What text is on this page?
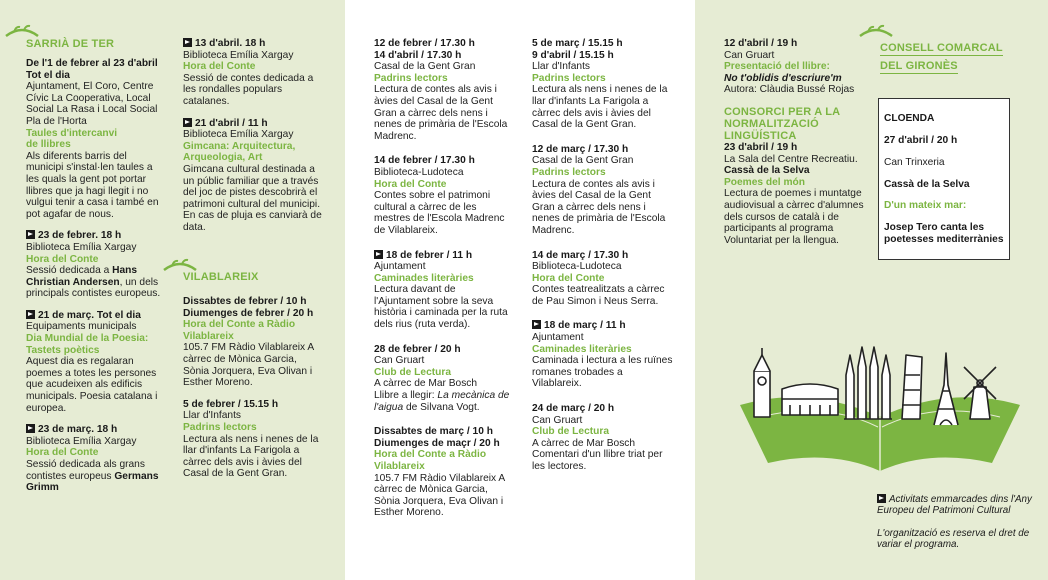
SARRIÀ DE TER

De l'1 de febrer al 23 d'abril

Tot el dia

Ajuntament, El Coro, Centre Cívic La Cooperativa, Local Social La Rasa i Local Social Pla de l'Horta

Taules d'intercanvi

de llibres

Als diferents barris del municipi s'instal·len taules a les quals la gent pot portar llibres que ja hagi llegit i no vulgui tenir a casa i també en pot agafar de nous.

23 de febrer. 18 h

Biblioteca Emília Xargay

Hora del Conte

Sessió dedicada a Hans Christian Andersen, un dels principals contistes europeus.

21 de març. Tot el dia

Equipaments municipals

Dia Mundial de la Poesia:

Tastets poètics

Aquest dia es regalaran poemes a totes les persones que acudeixen als edificis municipals. Poesia catalana i europea.

23 de març. 18 h

Biblioteca Emília Xargay

Hora del Conte

Sessió dedicada als grans contistes europeus Germans Grimm

13 d'abril. 18 h

Biblioteca Emília Xargay

Hora del Conte

Sessió de contes dedicada a les rondalles populars catalanes.

21 d'abril / 11 h

Biblioteca Emília Xargay

Gimcana: Arquitectura,

Arqueologia, Art

Gimcana cultural destinada a un públic familiar que a través del joc de pistes descobrirà el patrimoni cultural del municipi. En cas de pluja es canviarà de data.

VILABLAREIX

Dissabtes de febrer / 10 h

Diumenges de febrer / 20 h

Hora del Conte a Ràdio

Vilablareix

105.7 FM Ràdio Vilablareix A càrrec de Mònica Garcia, Sònia Jorquera, Eva Olivan i Esther Moreno.

5 de febrer / 15.15 h

Llar d'Infants

Padrins lectors

Lectura als nens i nenes de la llar d'infants La Farigola a càrrec dels avis i àvies del Casal de la Gent Gran.

12 de febrer / 17.30 h

14 d'abril / 17.30 h

Casal de la Gent Gran

Padrins lectors

Lectura de contes als avis i àvies del Casal de la Gent Gran a càrrec dels nens i nenes de primària de l'Escola Madrenc.

14 de febrer / 17.30 h

Biblioteca-Ludoteca

Hora del Conte

Contes sobre el patrimoni cultural a càrrec de les mestres de l'Escola Madrenc de Vilablareix.

18 de febrer / 11 h

Ajuntament

Caminades literàries

Lectura davant de l'Ajuntament sobre la seva història i caminada per la ruta dels rius (ruta verda).

28 de febrer / 20 h

Can Gruart

Club de Lectura

A càrrec de Mar Bosch

Llibre a llegir: La mecànica de l'aigua de Silvana Vogt.

Dissabtes de març / 10 h

Diumenges de maçr / 20 h

Hora del Conte a Ràdio

Vilablareix

105.7 FM Ràdio Vilablareix A càrrec de Mònica Garcia, Sònia Jorquera, Eva Olivan i Esther Moreno.

5 de març / 15.15 h

9 d'abril / 15.15 h

Llar d'Infants

Padrins lectors

Lectura als nens i nenes de la llar d'infants La Farigola a càrrec dels avis i àvies del Casal de la Gent Gran.

12 de març / 17.30 h

Casal de la Gent Gran

Padrins lectors

Lectura de contes als avis i àvies del Casal de la Gent Gran a càrrec dels nens i nenes de primària de l'Escola Madrenc.

14 de març / 17.30 h

Biblioteca-Ludoteca

Hora del Conte

Contes teatrealitzats a càrrec de Pau Simon i Neus Serra.

18 de març / 11 h

Ajuntament

Caminades literàries

Caminada i lectura a les ruïnes romanes trobades a Vilablareix.

24 de març / 20 h

Can Gruart

Club de Lectura

A càrrec de Mar Bosch Comentari d'un llibre triat per les lectores.

12 d'abril / 19 h

Can Gruart

Presentació del llibre:

No t'oblidis d'escriure'm

Autora: Clàudia Bussé Rojas

CONSORCI PER A LA

NORMALITZACIÓ

LINGÜÍSTICA

23 d'abril / 19 h

La Sala del Centre Recreatiu.

Cassà de la Selva

Poemes del món

Lectura de poemes i muntatge audiovisual a càrrec d'alumnes dels cursos de català i de participants al programa Voluntariat per la llengua.

CONSELL COMARCAL
DEL GIRONÈS

CLOENDA

27 d'abril / 20 h

Can Trinxeria

Cassà de la Selva

D'un mateix mar:

Josep Tero canta les poetesses mediterrànies

Activitats emmarcades dins l'Any Europeu del Patrimoni Cultural

L'organització es reserva el dret de variar el programa.
